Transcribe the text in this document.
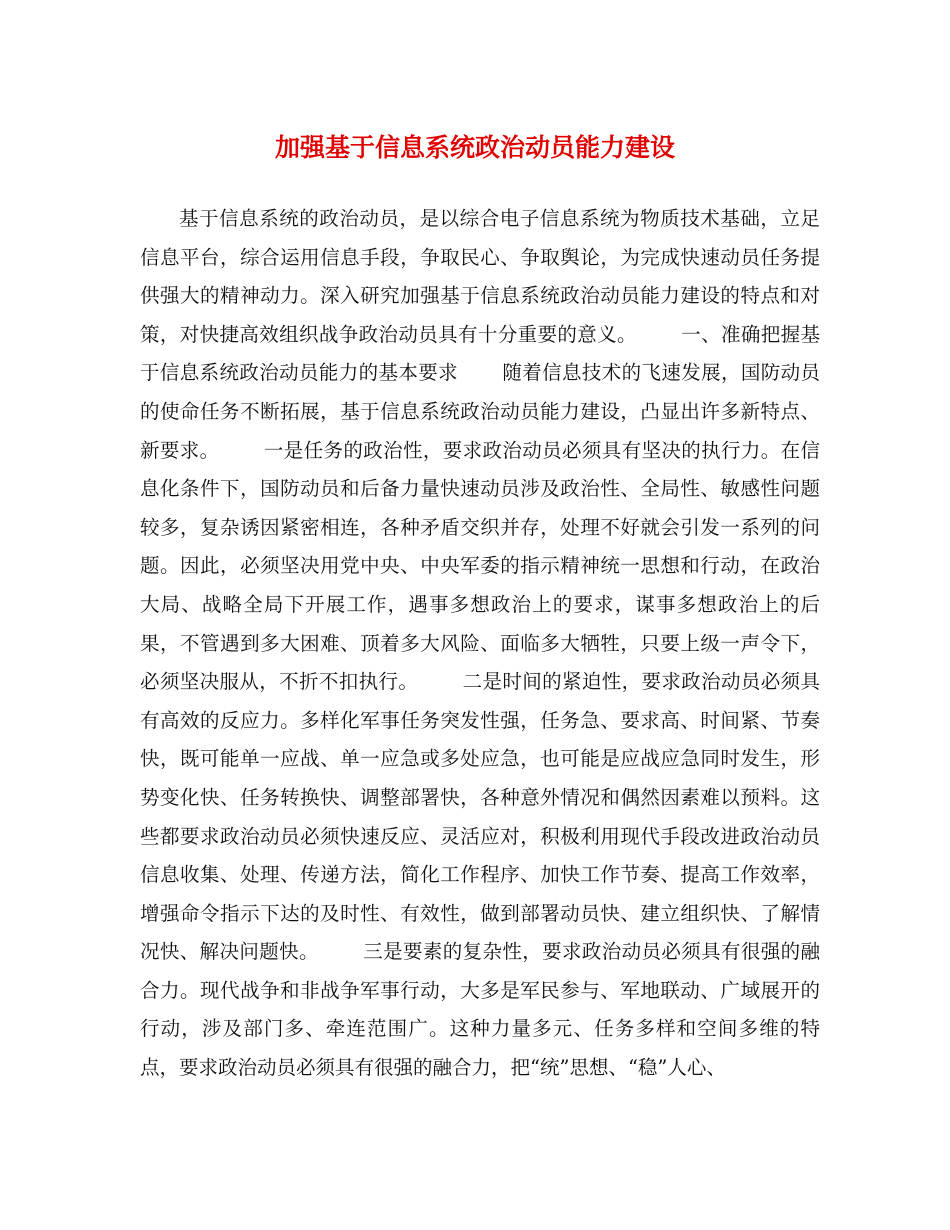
加强基于信息系统政治动员能力建设

基于信息系统的政治动员，是以综合电子信息系统为物质技术基础，立足信息平台，综合运用信息手段，争取民心、争取舆论，为完成快速动员任务提供强大的精神动力。深入研究加强基于信息系统政治动员能力建设的特点和对策，对快捷高效组织战争政治动员具有十分重要的意义。 一、准确把握基于信息系统政治动员能力的基本要求 随着信息技术的飞速发展，国防动员的使命任务不断拓展，基于信息系统政治动员能力建设，凸显出许多新特点、新要求。 一是任务的政治性，要求政治动员必须具有坚决的执行力。在信息化条件下，国防动员和后备力量快速动员涉及政治性、全局性、敏感性问题较多，复杂诱因紧密相连，各种矛盾交织并存，处理不好就会引发一系列的问题。因此，必须坚决用党中央、中央军委的指示精神统一思想和行动，在政治大局、战略全局下开展工作，遇事多想政治上的要求，谋事多想政治上的后果，不管遇到多大困难、顶着多大风险、面临多大牺牲，只要上级一声令下，必须坚决服从，不折不扣执行。 二是时间的紧迫性，要求政治动员必须具有高效的反应力。多样化军事任务突发性强，任务急、要求高、时间紧、节奏快，既可能单一应战、单一应急或多处应急，也可能是应战应急同时发生，形势变化快、任务转换快、调整部署快，各种意外情况和偶然因素难以预料。这些都要求政治动员必须快速反应、灵活应对，积极利用现代手段改进政治动员信息收集、处理、传递方法，简化工作程序、加快工作节奏、提高工作效率，增强命令指示下达的及时性、有效性，做到部署动员快、建立组织快、了解情况快、解决问题快。 三是要素的复杂性，要求政治动员必须具有很强的融合力。现代战争和非战争军事行动，大多是军民参与、军地联动、广域展开的行动，涉及部门多、牵连范围广。这种力量多元、任务多样和空间多维的特点，要求政治动员必须具有很强的融合力，把“统”思想、“稳”人心、
